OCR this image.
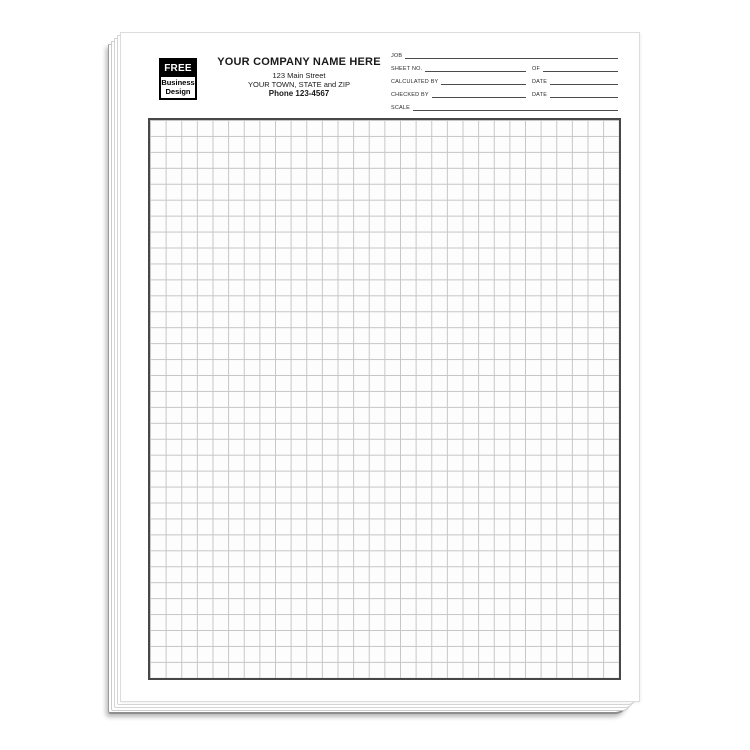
FREE
Business
Design
YOUR COMPANY NAME HERE
123 Main Street
YOUR TOWN, STATE and ZIP
Phone 123-4567
JOB
SHEET NO.	OF
CALCULATED BY	DATE
CHECKED BY	DATE
SCALE
